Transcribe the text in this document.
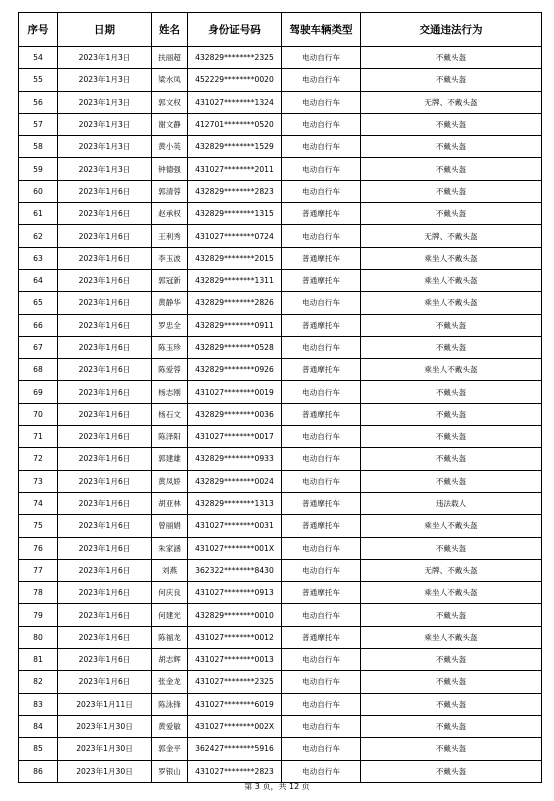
序号	日期	姓名	身份证号码	驾驶车辆类型	交通违法行为
54	2023年1月3日	扶丽超	432829********2325	电动自行车	不戴头盔
55	2023年1月3日	梁水凤	452229********0020	电动自行车	不戴头盔
56	2023年1月3日	郭文权	431027********1324	电动自行车	无牌、不戴头盔
57	2023年1月3日	谢文静	412701********0520	电动自行车	不戴头盔
58	2023年1月3日	黄小英	432829********1529	电动自行车	不戴头盔
59	2023年1月3日	钟德强	431027********2011	电动自行车	不戴头盔
60	2023年1月6日	郭清蓉	432829********2823	电动自行车	不戴头盔
61	2023年1月6日	赵承权	432829********1315	普通摩托车	不戴头盔
62	2023年1月6日	王利秀	431027********0724	电动自行车	无牌、不戴头盔
63	2023年1月6日	李玉波	432829********2015	普通摩托车	乘坐人不戴头盔
64	2023年1月6日	郭冠新	432829********1311	普通摩托车	乘坐人不戴头盔
65	2023年1月6日	黄静华	432829********2826	电动自行车	乘坐人不戴头盔
66	2023年1月6日	罗忠全	432829********0911	普通摩托车	不戴头盔
67	2023年1月6日	陈玉珍	432829********0528	电动自行车	不戴头盔
68	2023年1月6日	陈爱蓉	432829********0926	普通摩托车	乘坐人不戴头盔
69	2023年1月6日	杨志刚	431027********0019	电动自行车	不戴头盔
70	2023年1月6日	杨石文	432829********0036	普通摩托车	不戴头盔
71	2023年1月6日	陈泽阳	431027********0017	电动自行车	不戴头盔
72	2023年1月6日	郭建雄	432829********0933	电动自行车	不戴头盔
73	2023年1月6日	黄凤娇	432829********0024	电动自行车	不戴头盔
74	2023年1月6日	胡亚林	432829********1313	普通摩托车	违法载人
75	2023年1月6日	曾丽娟	431027********0031	普通摩托车	乘坐人不戴头盔
76	2023年1月6日	朱家涵	431027********001X	电动自行车	不戴头盔
77	2023年1月6日	刘燕	362322********8430	电动自行车	无牌、不戴头盔
78	2023年1月6日	何庆良	431027********0913	普通摩托车	乘坐人不戴头盔
79	2023年1月6日	何建光	432829********0010	电动自行车	不戴头盔
80	2023年1月6日	陈福龙	431027********0012	普通摩托车	乘坐人不戴头盔
81	2023年1月6日	胡志辉	431027********0013	电动自行车	不戴头盔
82	2023年1月6日	张金龙	431027********2325	电动自行车	不戴头盔
83	2023年1月11日	陈泳锋	431027********6019	电动自行车	不戴头盔
84	2023年1月30日	黄爱敏	431027********002X	电动自行车	不戴头盔
85	2023年1月30日	郭金平	362427********5916	电动自行车	不戴头盔
86	2023年1月30日	罗银山	431027********2823	电动自行车	不戴头盔
第 3 页，共 12 页
